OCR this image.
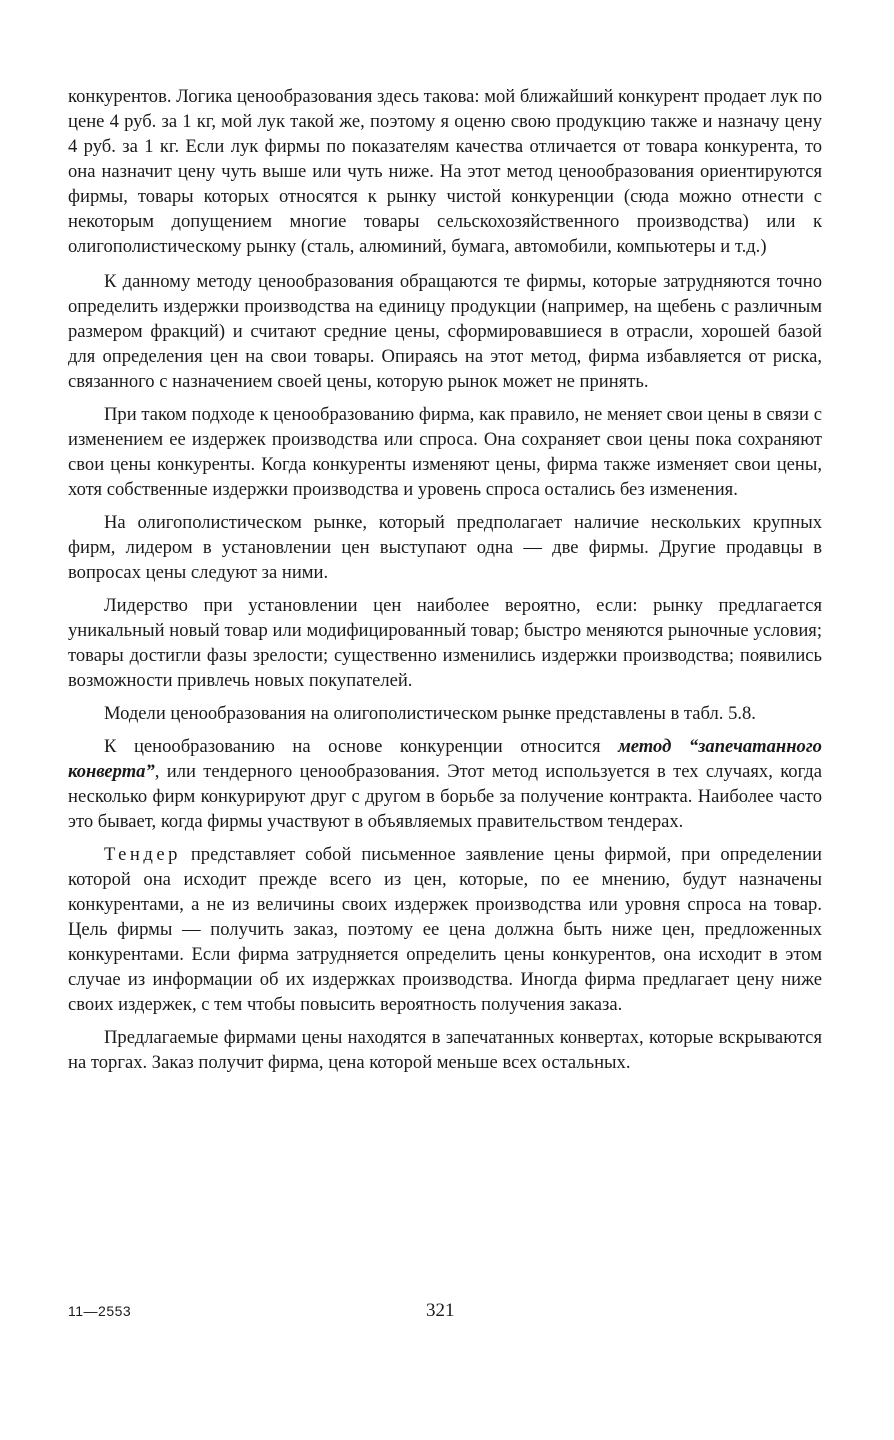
конкурентов. Логика ценообразования здесь такова: мой ближайший конкурент продает лук по цене 4 руб. за 1 кг, мой лук такой же, поэтому я оценю свою продукцию также и назначу цену 4 руб. за 1 кг. Если лук фирмы по показателям качества отличается от товара конкурента, то она назначит цену чуть выше или чуть ниже. На этот метод ценообразования ориентируются фирмы, товары которых относятся к рынку чистой конкуренции (сюда можно отнести с некоторым допущением многие товары сельскохозяйственного производства) или к олигополистическому рынку (сталь, алюминий, бумага, автомобили, компьютеры и т.д.)

К данному методу ценообразования обращаются те фирмы, которые затрудняются точно определить издержки производства на единицу продукции (например, на щебень с различным размером фракций) и считают средние цены, сформировавшиеся в отрасли, хорошей базой для определения цен на свои товары. Опираясь на этот метод, фирма избавляется от риска, связанного с назначением своей цены, которую рынок может не принять.

При таком подходе к ценообразованию фирма, как правило, не меняет свои цены в связи с изменением ее издержек производства или спроса. Она сохраняет свои цены пока сохраняют свои цены конкуренты. Когда конкуренты изменяют цены, фирма также изменяет свои цены, хотя собственные издержки производства и уровень спроса остались без изменения.

На олигополистическом рынке, который предполагает наличие нескольких крупных фирм, лидером в установлении цен выступают одна — две фирмы. Другие продавцы в вопросах цены следуют за ними.

Лидерство при установлении цен наиболее вероятно, если: рынку предлагается уникальный новый товар или модифицированный товар; быстро меняются рыночные условия; товары достигли фазы зрелости; существенно изменились издержки производства; появились возможности привлечь новых покупателей.

Модели ценообразования на олигополистическом рынке представлены в табл. 5.8.

К ценообразованию на основе конкуренции относится метод “запечатанного конверта”, или тендерного ценообразования. Этот метод используется в тех случаях, когда несколько фирм конкурируют друг с другом в борьбе за получение контракта. Наиболее часто это бывает, когда фирмы участвуют в объявляемых правительством тендерах.

Тендер представляет собой письменное заявление цены фирмой, при определении которой она исходит прежде всего из цен, которые, по ее мнению, будут назначены конкурентами, а не из величины своих издержек производства или уровня спроса на товар. Цель фирмы — получить заказ, поэтому ее цена должна быть ниже цен, предложенных конкурентами. Если фирма затрудняется определить цены конкурентов, она исходит в этом случае из информации об их издержках производства. Иногда фирма предлагает цену ниже своих издержек, с тем чтобы повысить вероятность получения заказа.

Предлагаемые фирмами цены находятся в запечатанных конвертах, которые вскрываются на торгах. Заказ получит фирма, цена которой меньше всех остальных.

11—2553	321
